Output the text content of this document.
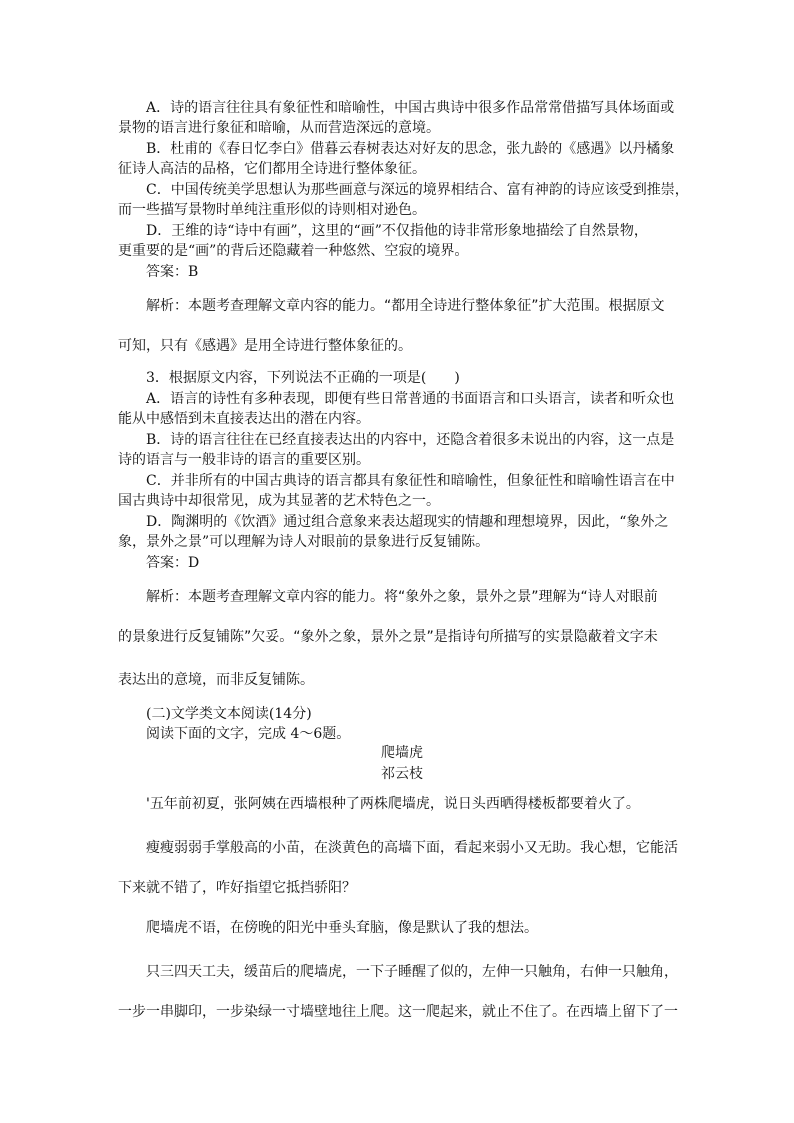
A．诗的语言往往具有象征性和暗喻性，中国古典诗中很多作品常常借描写具体场面或
景物的语言进行象征和暗喻，从而营造深远的意境。
B．杜甫的《春日忆李白》借暮云春树表达对好友的思念，张九龄的《感遇》以丹橘象
征诗人高洁的品格，它们都用全诗进行整体象征。
C．中国传统美学思想认为那些画意与深远的境界相结合、富有神韵的诗应该受到推崇，
而一些描写景物时单纯注重形似的诗则相对逊色。
D．王维的诗“诗中有画”，这里的“画”不仅指他的诗非常形象地描绘了自然景物，
更重要的是“画”的背后还隐藏着一种悠然、空寂的境界。
答案：B
解析：本题考查理解文章内容的能力。“都用全诗进行整体象征”扩大范围。根据原文
可知，只有《感遇》是用全诗进行整体象征的。
3．根据原文内容，下列说法不正确的一项是(　　)
A．语言的诗性有多种表现，即便有些日常普通的书面语言和口头语言，读者和听众也
能从中感悟到未直接表达出的潜在内容。
B．诗的语言往往在已经直接表达出的内容中，还隐含着很多未说出的内容，这一点是
诗的语言与一般非诗的语言的重要区别。
C．并非所有的中国古典诗的语言都具有象征性和暗喻性，但象征性和暗喻性语言在中
国古典诗中却很常见，成为其显著的艺术特色之一。
D．陶渊明的《饮酒》通过组合意象来表达超现实的情趣和理想境界，因此，“象外之
象，景外之景”可以理解为诗人对眼前的景象进行反复铺陈。
答案：D
解析：本题考查理解文章内容的能力。将“象外之象，景外之景”理解为“诗人对眼前
的景象进行反复铺陈”欠妥。“象外之象，景外之景”是指诗句所描写的实景隐蔽着文字未
表达出的意境，而非反复铺陈。
(二)文学类文本阅读(14分)
阅读下面的文字，完成 4～6题。
爬墙虎
祁云枝
'五年前初夏，张阿姨在西墙根种了两株爬墙虎，说日头西晒得楼板都要着火了。
瘦瘦弱弱手掌般高的小苗，在淡黄色的高墙下面，看起来弱小又无助。我心想，它能活
下来就不错了，咋好指望它抵挡骄阳？
爬墙虎不语，在傍晚的阳光中垂头耷脑，像是默认了我的想法。
只三四天工夫，缓苗后的爬墙虎，一下子睡醒了似的，左伸一只触角，右伸一只触角，
一步一串脚印，一步染绿一寸墙壁地往上爬。这一爬起来，就止不住了。在西墙上留下了一
